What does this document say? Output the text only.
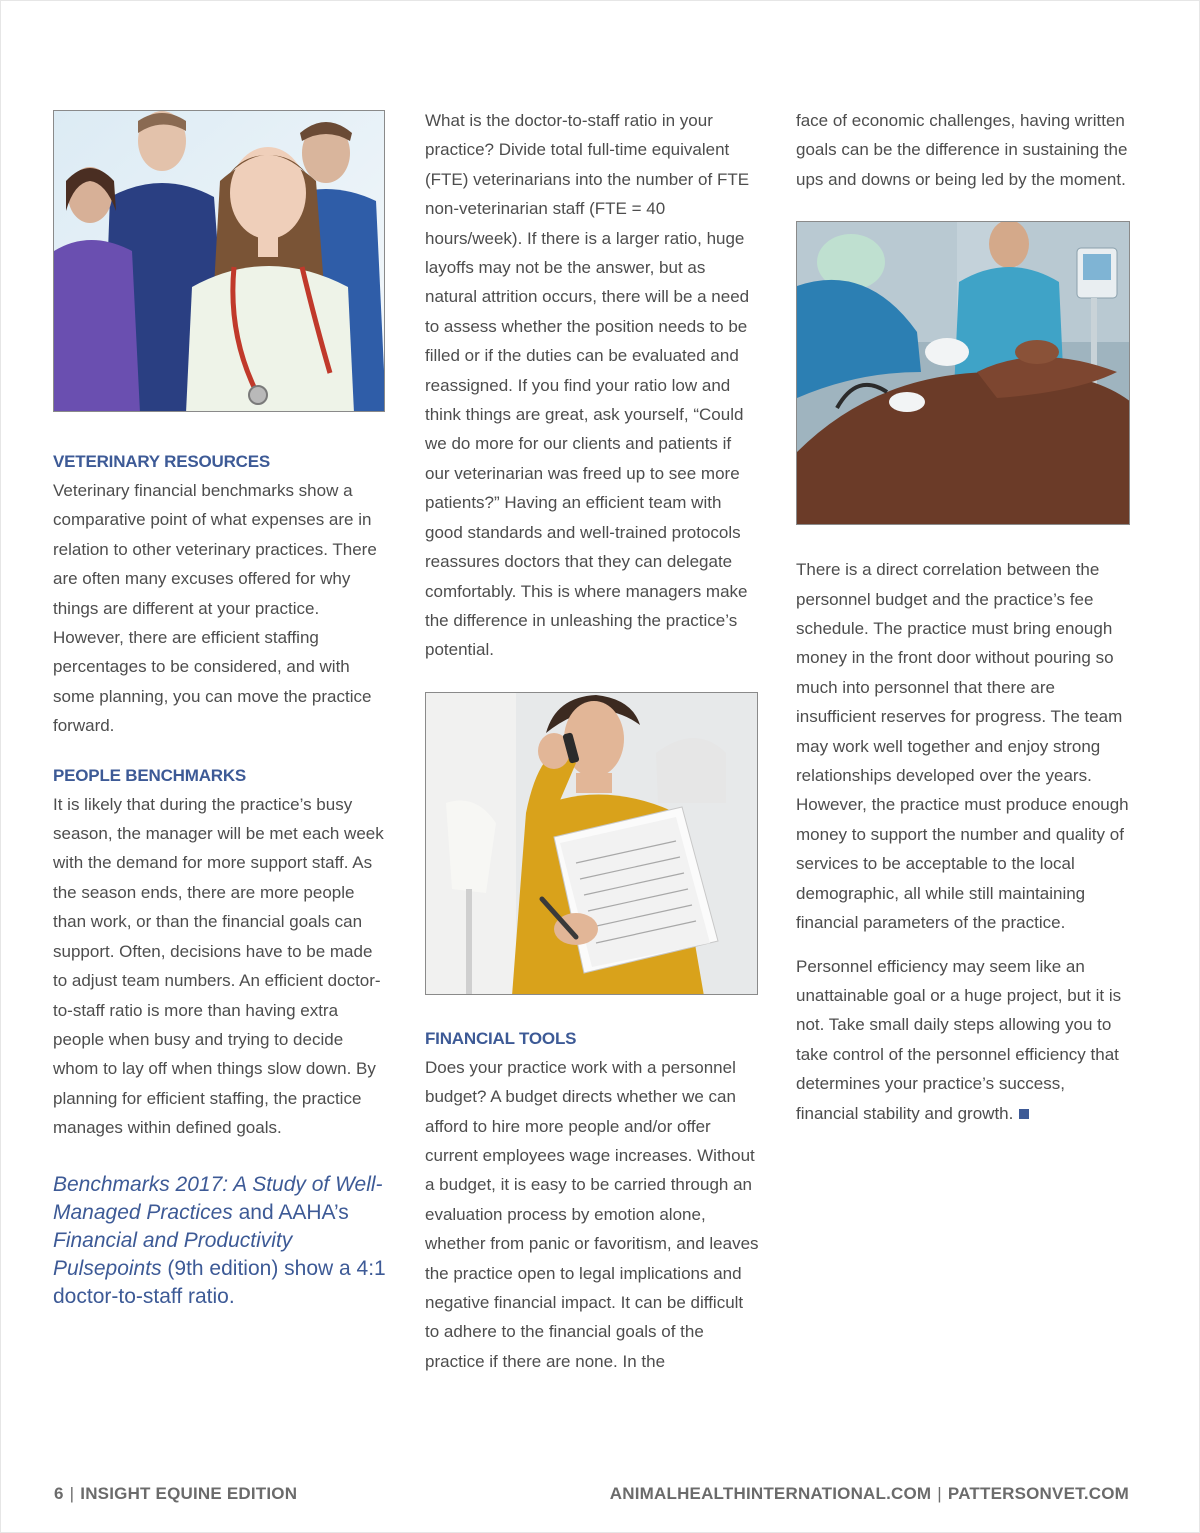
VETERINARY RESOURCES

Veterinary financial benchmarks show a comparative point of what expenses are in relation to other veterinary practices. There are often many excuses offered for why things are different at your practice. However, there are efficient staffing percentages to be considered, and with some planning, you can move the practice forward.

PEOPLE BENCHMARKS

It is likely that during the practice’s busy season, the manager will be met each week with the demand for more support staff. As the season ends, there are more people than work, or than the financial goals can support. Often, decisions have to be made to adjust team numbers. An efficient doctor-to-staff ratio is more than having extra people when busy and trying to decide whom to lay off when things slow down. By planning for efficient staffing, the practice manages within defined goals.

Benchmarks 2017: A Study of Well-Managed Practices and AAHA’s Financial and Productivity Pulsepoints (9th edition) show a 4:1 doctor-to-staff ratio.

What is the doctor-to-staff ratio in your practice? Divide total full-time equivalent (FTE) veterinarians into the number of FTE non-veterinarian staff (FTE = 40 hours/week). If there is a larger ratio, huge layoffs may not be the answer, but as natural attrition occurs, there will be a need to assess whether the position needs to be filled or if the duties can be evaluated and reassigned. If you find your ratio low and think things are great, ask yourself, “Could we do more for our clients and patients if our veterinarian was freed up to see more patients?” Having an efficient team with good standards and well-trained protocols reassures doctors that they can delegate comfortably. This is where managers make the difference in unleashing the practice’s potential.

FINANCIAL TOOLS

Does your practice work with a personnel budget? A budget directs whether we can afford to hire more people and/or offer current employees wage increases. Without a budget, it is easy to be carried through an evaluation process by emotion alone, whether from panic or favoritism, and leaves the practice open to legal implications and negative financial impact. It can be difficult to adhere to the financial goals of the practice if there are none. In the

face of economic challenges, having written goals can be the difference in sustaining the ups and downs or being led by the moment.

There is a direct correlation between the personnel budget and the practice’s fee schedule. The practice must bring enough money in the front door without pouring so much into personnel that there are insufficient reserves for progress. The team may work well together and enjoy strong relationships developed over the years. However, the practice must produce enough money to support the number and quality of services to be acceptable to the local demographic, all while still maintaining financial parameters of the practice.

Personnel efficiency may seem like an unattainable goal or a huge project, but it is not. Take small daily steps allowing you to take control of the personnel efficiency that determines your practice’s success, financial stability and growth.

6 | INSIGHT EQUINE EDITION	ANIMALHEALTHINTERNATIONAL.COM | PATTERSONVET.COM
